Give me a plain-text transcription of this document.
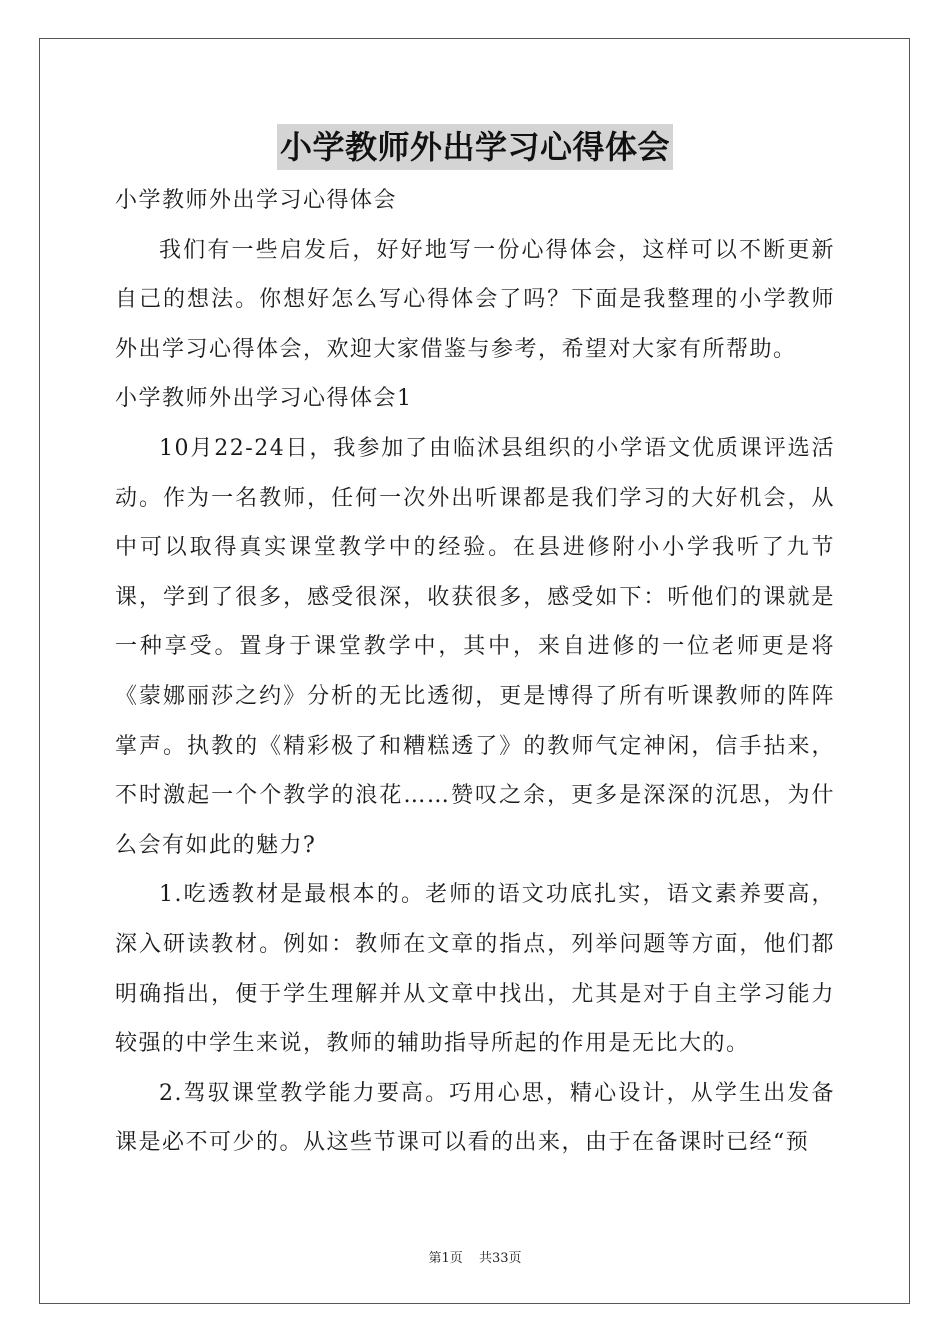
小学教师外出学习心得体会

小学教师外出学习心得体会

我们有一些启发后，好好地写一份心得体会，这样可以不断更新自己的想法。你想好怎么写心得体会了吗？下面是我整理的小学教师外出学习心得体会，欢迎大家借鉴与参考，希望对大家有所帮助。

小学教师外出学习心得体会1

10月22-24日，我参加了由临沭县组织的小学语文优质课评选活动。作为一名教师，任何一次外出听课都是我们学习的大好机会，从中可以取得真实课堂教学中的经验。在县进修附小小学我听了九节课，学到了很多，感受很深，收获很多，感受如下：听他们的课就是一种享受。置身于课堂教学中，其中，来自进修的一位老师更是将《蒙娜丽莎之约》分析的无比透彻，更是博得了所有听课教师的阵阵掌声。执教的《精彩极了和糟糕透了》的教师气定神闲，信手拈来，不时激起一个个教学的浪花……赞叹之余，更多是深深的沉思，为什么会有如此的魅力?

1.吃透教材是最根本的。老师的语文功底扎实，语文素养要高，深入研读教材。例如：教师在文章的指点，列举问题等方面，他们都明确指出，便于学生理解并从文章中找出，尤其是对于自主学习能力较强的中学生来说，教师的辅助指导所起的作用是无比大的。

2.驾驭课堂教学能力要高。巧用心思，精心设计，从学生出发备课是必不可少的。从这些节课可以看的出来，由于在备课时已经“预

第1页 共33页
